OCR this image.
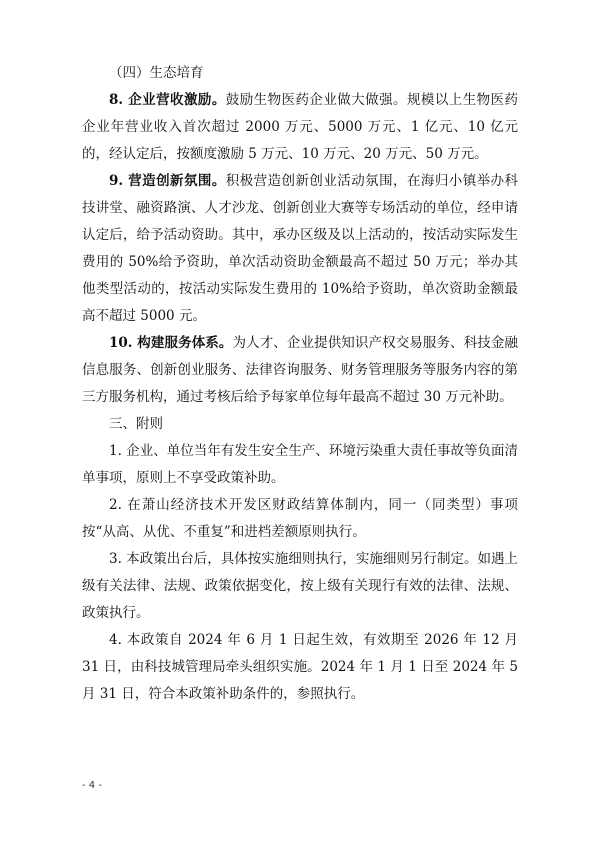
（四）生态培育

8. 企业营收激励。鼓励生物医药企业做大做强。规模以上生物医药企业年营业收入首次超过 2000 万元、5000 万元、1 亿元、10 亿元的，经认定后，按额度激励 5 万元、10 万元、20 万元、50 万元。

9. 营造创新氛围。积极营造创新创业活动氛围，在海归小镇举办科技讲堂、融资路演、人才沙龙、创新创业大赛等专场活动的单位，经申请认定后，给予活动资助。其中，承办区级及以上活动的，按活动实际发生费用的 50%给予资助，单次活动资助金额最高不超过 50 万元；举办其他类型活动的，按活动实际发生费用的 10%给予资助，单次资助金额最高不超过 5000 元。

10. 构建服务体系。为人才、企业提供知识产权交易服务、科技金融信息服务、创新创业服务、法律咨询服务、财务管理服务等服务内容的第三方服务机构，通过考核后给予每家单位每年最高不超过 30 万元补助。

三、附则

1. 企业、单位当年有发生安全生产、环境污染重大责任事故等负面清单事项，原则上不享受政策补助。

2. 在萧山经济技术开发区财政结算体制内，同一（同类型）事项按“从高、从优、不重复”和进档差额原则执行。

3. 本政策出台后，具体按实施细则执行，实施细则另行制定。如遇上级有关法律、法规、政策依据变化，按上级有关现行有效的法律、法规、政策执行。

4. 本政策自 2024 年 6 月 1 日起生效，有效期至 2026 年 12 月 31 日，由科技城管理局牵头组织实施。2024 年 1 月 1 日至 2024 年 5 月 31 日，符合本政策补助条件的，参照执行。

- 4 -
